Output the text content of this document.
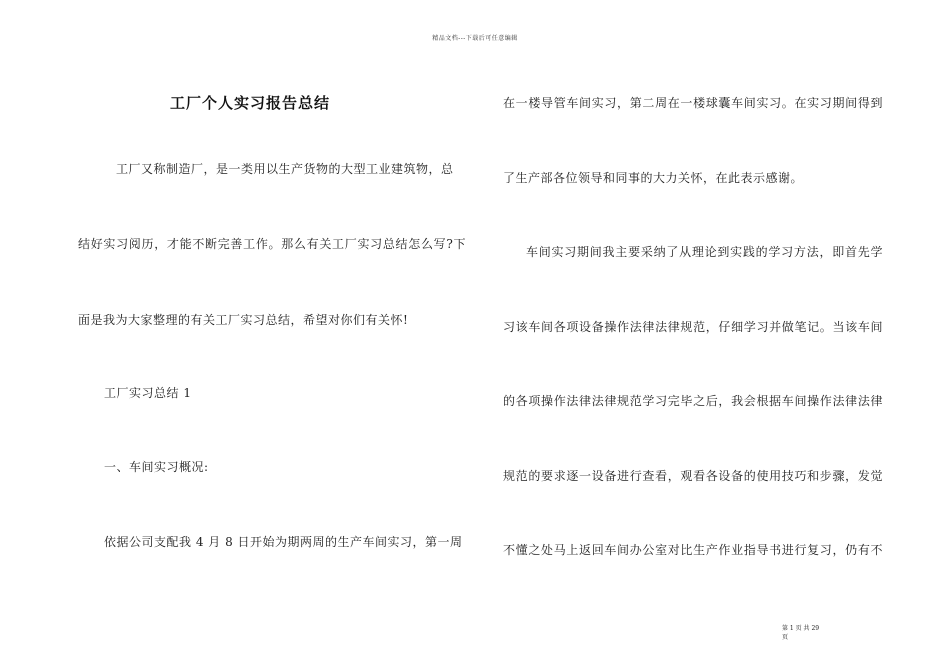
精品文档---下载后可任意编辑
工厂个人实习报告总结
工厂又称制造厂，是一类用以生产货物的大型工业建筑物，总
结好实习阅历，才能不断完善工作。那么有关工厂实习总结怎么写?下
面是我为大家整理的有关工厂实习总结，希望对你们有关怀!
工厂实习总结 1
一、车间实习概况:
依据公司支配我 4 月 8 日开始为期两周的生产车间实习，第一周
在一楼导管车间实习，第二周在一楼球囊车间实习。在实习期间得到
了生产部各位领导和同事的大力关怀，在此表示感谢。
车间实习期间我主要采纳了从理论到实践的学习方法，即首先学
习该车间各项设备操作法律法律规范，仔细学习并做笔记。当该车间
的各项操作法律法律规范学习完毕之后，我会根据车间操作法律法律
规范的要求逐一设备进行查看，观看各设备的使用技巧和步骤，发觉
不懂之处马上返回车间办公室对比生产作业指导书进行复习，仍有不
第 1 页 共 29
页
